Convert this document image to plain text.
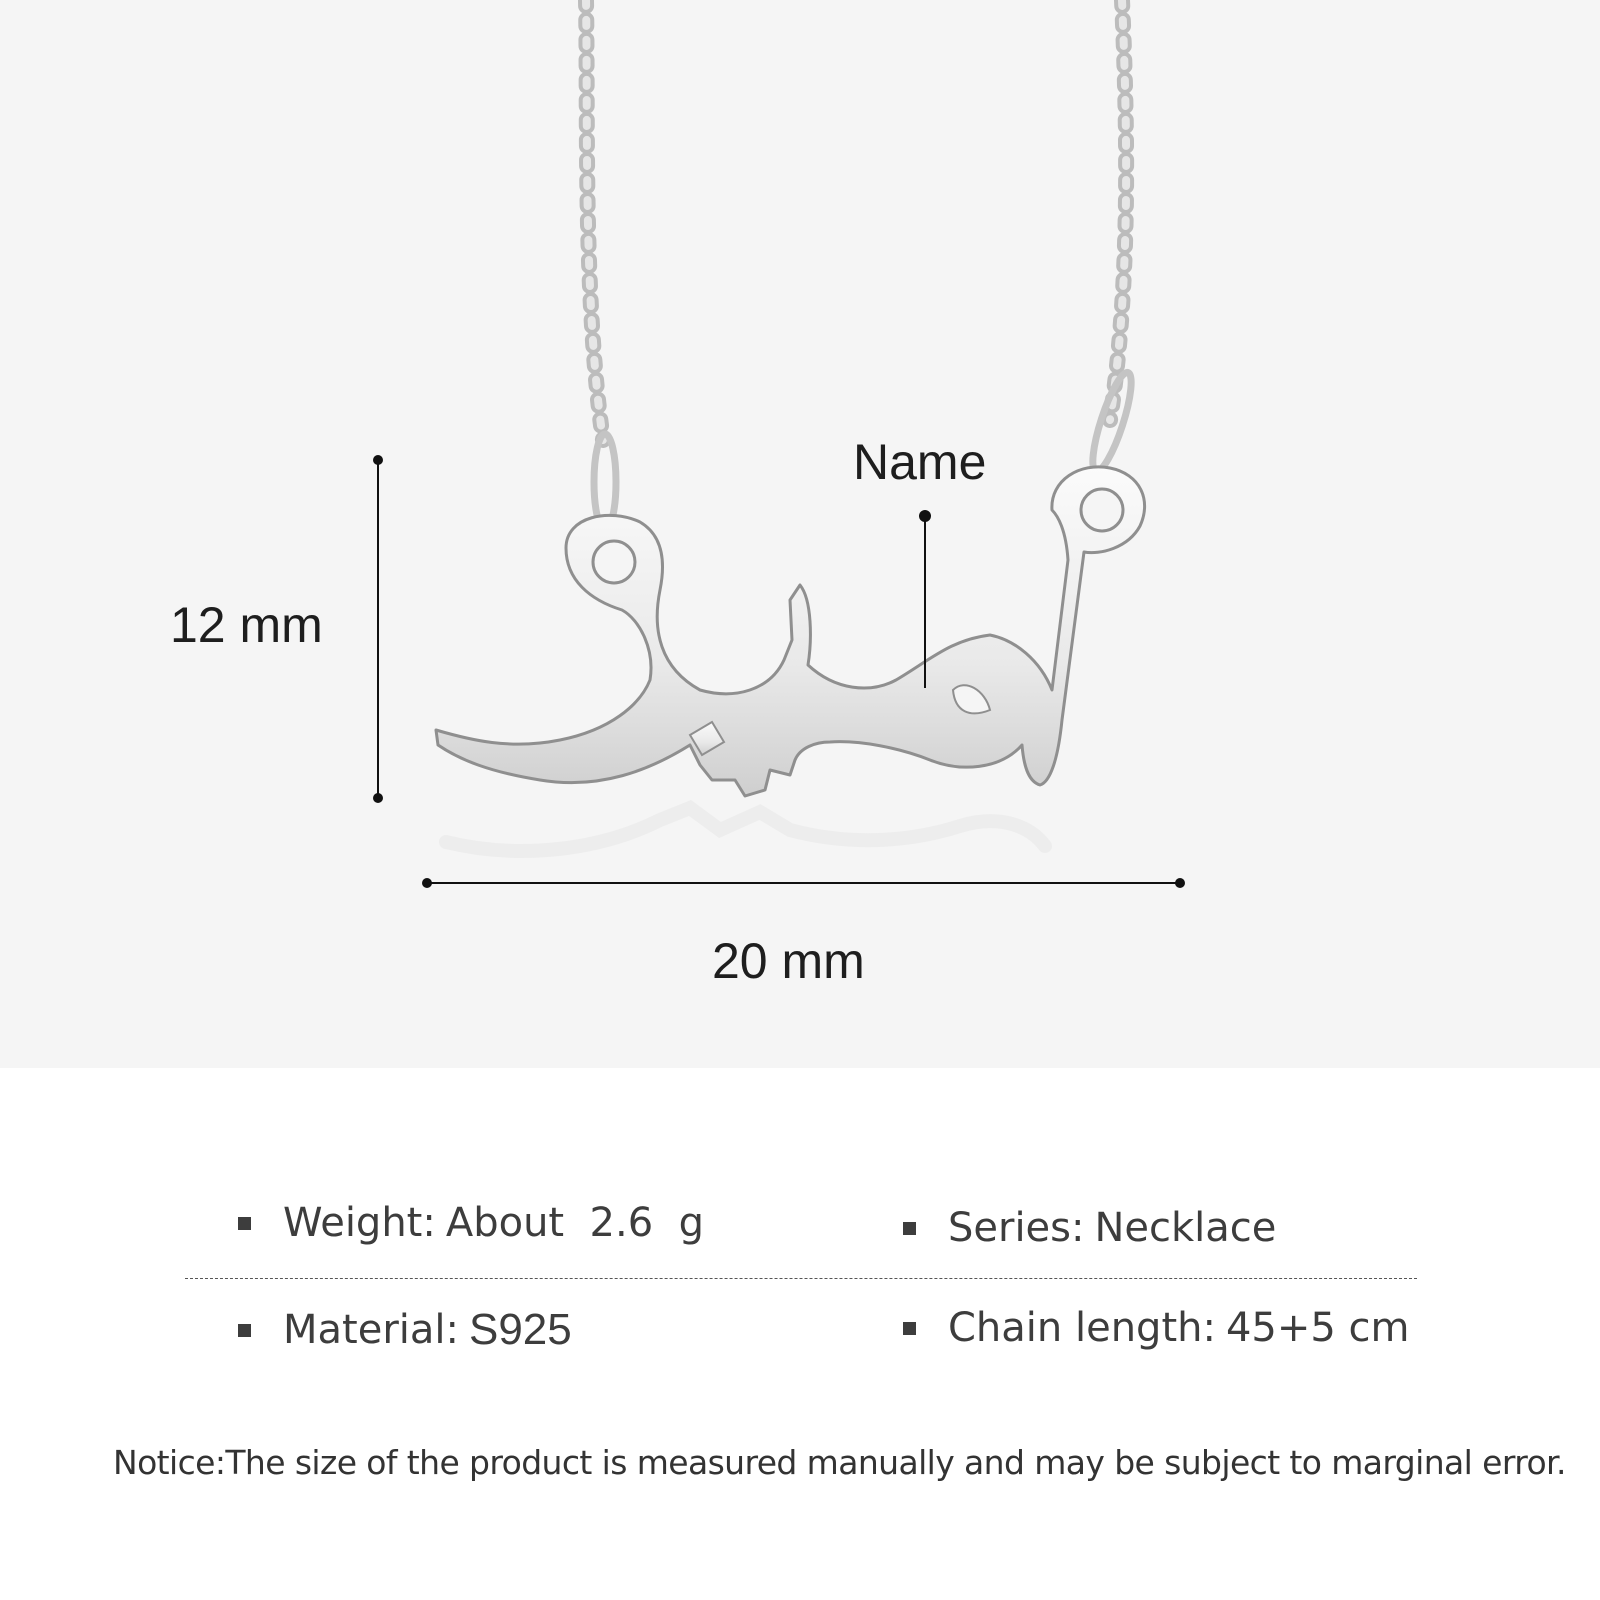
12 mm
20 mm
Name
Weight: About  2.6  g	Series: Necklace
Material: S925	Chain length: 45+5 cm
Notice:The size of the product is measured manually and may be subject to marginal error.
